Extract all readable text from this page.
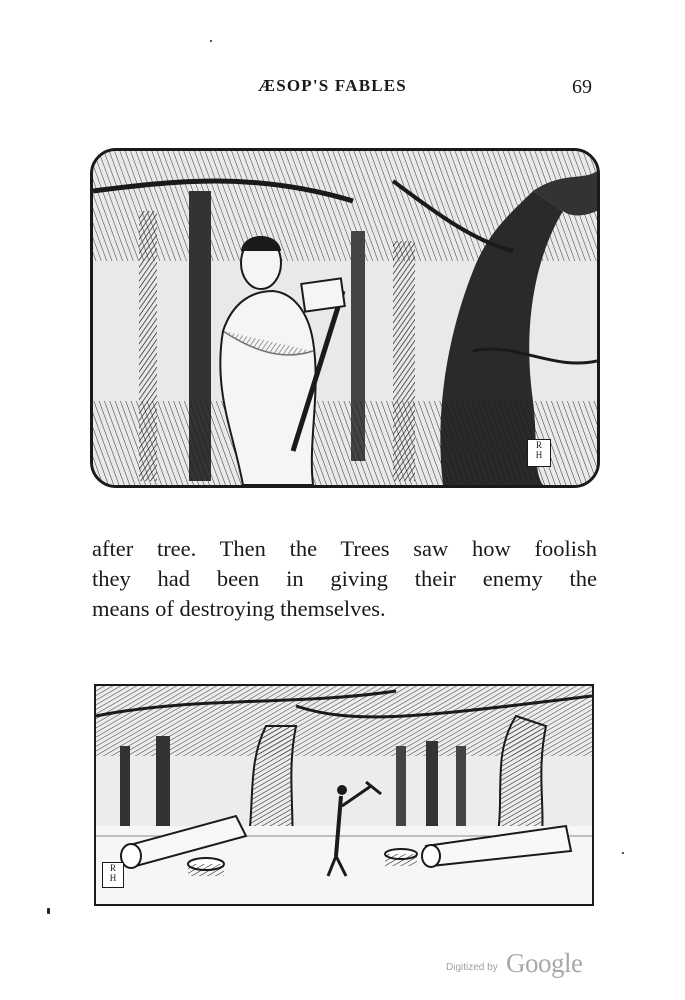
ÆSOP'S FABLES	69
R
H
after tree. Then the Trees saw how foolish
they had been in giving their enemy the
means of destroying themselves.
R
H
Digitized by Google
